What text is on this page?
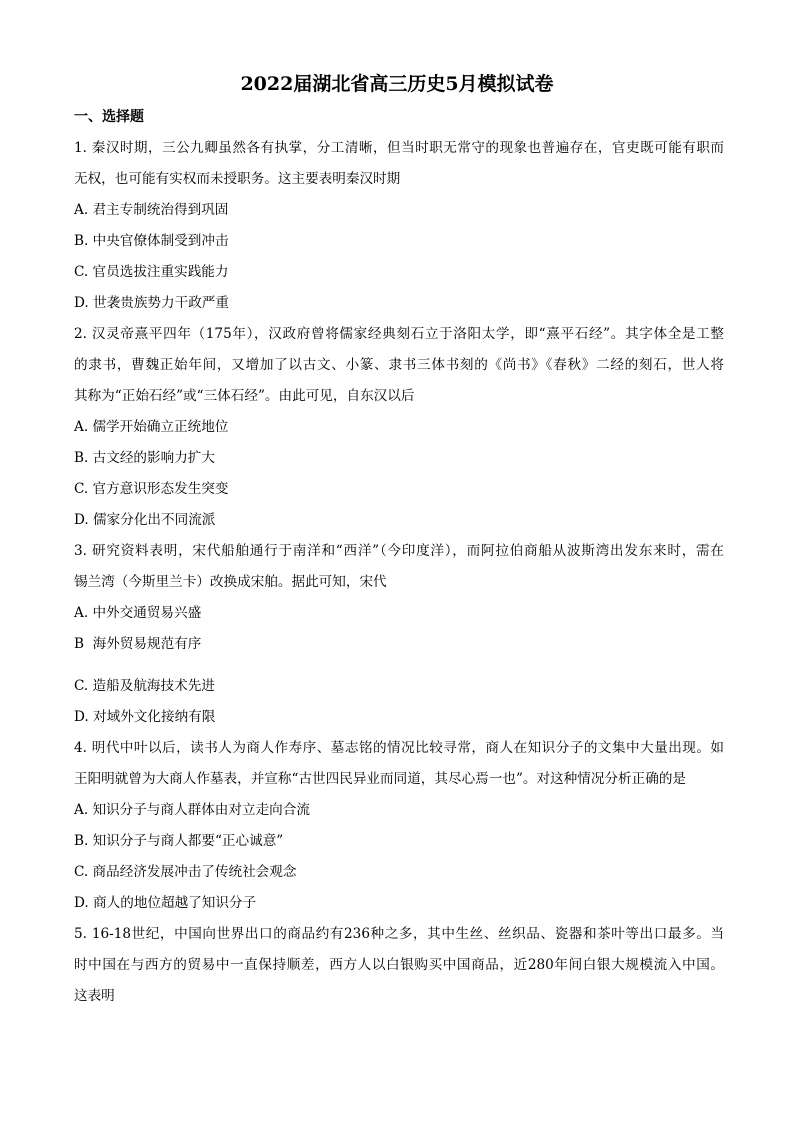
2022届湖北省高三历史5月模拟试卷
一、选择题
1. 秦汉时期，三公九卿虽然各有执掌，分工清晰，但当时职无常守的现象也普遍存在，官吏既可能有职而
无权，也可能有实权而未授职务。这主要表明秦汉时期
A. 君主专制统治得到巩固
B. 中央官僚体制受到冲击
C. 官员选拔注重实践能力
D. 世袭贵族势力干政严重
2. 汉灵帝熹平四年（175年），汉政府曾将儒家经典刻石立于洛阳太学，即“熹平石经”。其字体全是工整
的隶书，曹魏正始年间，又增加了以古文、小篆、隶书三体书刻的《尚书》《春秋》二经的刻石，世人将
其称为“正始石经”或“三体石经”。由此可见，自东汉以后
A. 儒学开始确立正统地位
B. 古文经的影响力扩大
C. 官方意识形态发生突变
D. 儒家分化出不同流派
3. 研究资料表明，宋代船舶通行于南洋和“西洋”（今印度洋），而阿拉伯商船从波斯湾出发东来时，需在
锡兰湾（今斯里兰卡）改换成宋舶。据此可知，宋代
A. 中外交通贸易兴盛
B  海外贸易规范有序
C. 造船及航海技术先进
D. 对域外文化接纳有限
4. 明代中叶以后，读书人为商人作寿序、墓志铭的情况比较寻常，商人在知识分子的文集中大量出现。如
王阳明就曾为大商人作墓表，并宣称“古世四民异业而同道，其尽心焉一也”。对这种情况分析正确的是
A. 知识分子与商人群体由对立走向合流
B. 知识分子与商人都要“正心诚意”
C. 商品经济发展冲击了传统社会观念
D. 商人的地位超越了知识分子
5. 16-18世纪，中国向世界出口的商品约有236种之多，其中生丝、丝织品、瓷器和茶叶等出口最多。当
时中国在与西方的贸易中一直保持顺差，西方人以白银购买中国商品，近280年间白银大规模流入中国。
这表明
